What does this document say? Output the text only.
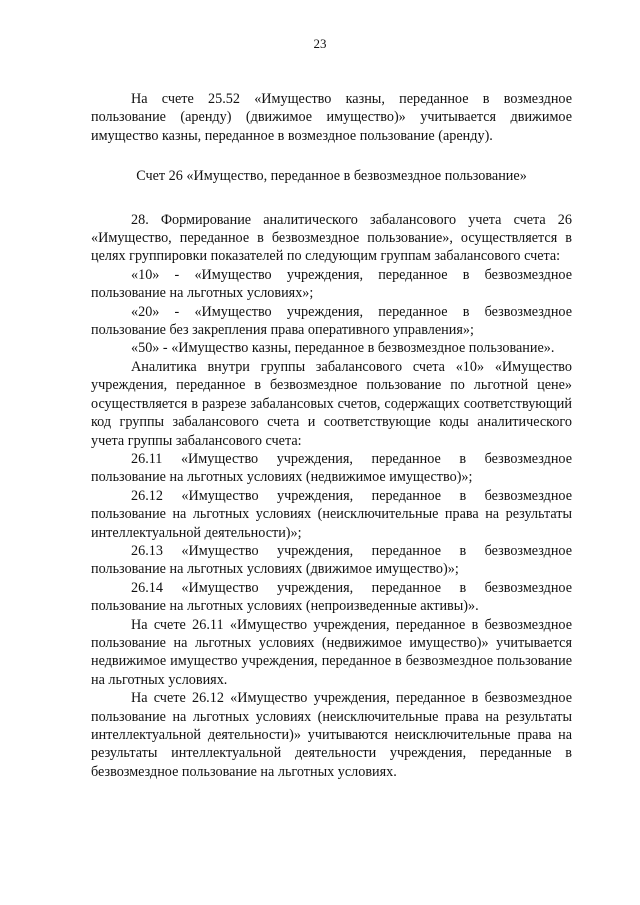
23

На счете 25.52 «Имущество казны, переданное в возмездное пользование (аренду) (движимое имущество)» учитывается движимое имущество казны, переданное в возмездное пользование (аренду).

Счет 26 «Имущество, переданное в безвозмездное пользование»

28. Формирование аналитического забалансового учета счета 26 «Имущество, переданное в безвозмездное пользование», осуществляется в целях группировки показателей по следующим группам забалансового счета:

«10» - «Имущество учреждения, переданное в безвозмездное пользование на льготных условиях»;

«20» - «Имущество учреждения, переданное в безвозмездное пользование без закрепления права оперативного управления»;

«50» - «Имущество казны, переданное в безвозмездное пользование».

Аналитика внутри группы забалансового счета «10» «Имущество учреждения, переданное в безвозмездное пользование по льготной цене» осуществляется в разрезе забалансовых счетов, содержащих соответствующий код группы забалансового счета и соответствующие коды аналитического учета группы забалансового счета:

26.11 «Имущество учреждения, переданное в безвозмездное пользование на льготных условиях (недвижимое имущество)»;

26.12 «Имущество учреждения, переданное в безвозмездное пользование на льготных условиях (неисключительные права на результаты интеллектуальной деятельности)»;

26.13 «Имущество учреждения, переданное в безвозмездное пользование на льготных условиях (движимое имущество)»;

26.14 «Имущество учреждения, переданное в безвозмездное пользование на льготных условиях (непроизведенные активы)».

На счете 26.11 «Имущество учреждения, переданное в безвозмездное пользование на льготных условиях (недвижимое имущество)» учитывается недвижимое имущество учреждения, переданное в безвозмездное пользование на льготных условиях.

На счете 26.12 «Имущество учреждения, переданное в безвозмездное пользование на льготных условиях (неисключительные права на результаты интеллектуальной деятельности)» учитываются неисключительные права на результаты интеллектуальной деятельности учреждения, переданные в безвозмездное пользование на льготных условиях.
